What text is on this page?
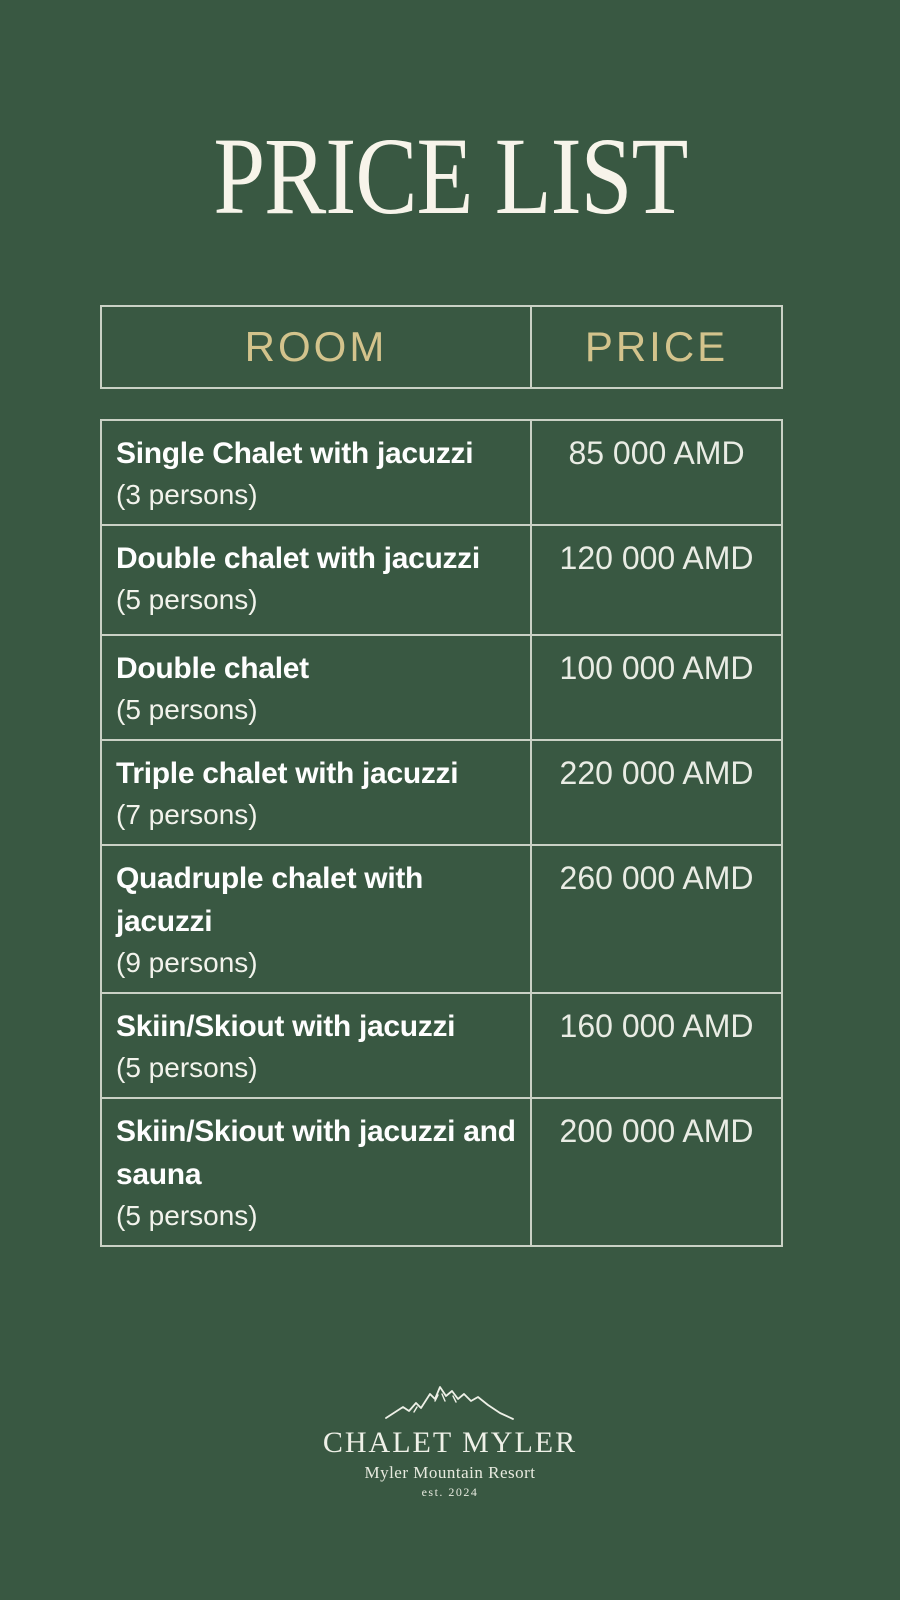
PRICE LIST
ROOM	PRICE
Single Chalet with jacuzzi
(3 persons)
85 000 AMD
Double chalet with jacuzzi
(5 persons)
120 000 AMD
Double chalet
(5 persons)
100 000 AMD
Triple chalet with jacuzzi
(7 persons)
220 000 AMD
Quadruple chalet with jacuzzi
(9 persons)
260 000 AMD
Skiin/Skiout with jacuzzi
(5 persons)
160 000 AMD
Skiin/Skiout with jacuzzi and sauna
(5 persons)
200 000 AMD
CHALET MYLER
Myler Mountain Resort
est. 2024
